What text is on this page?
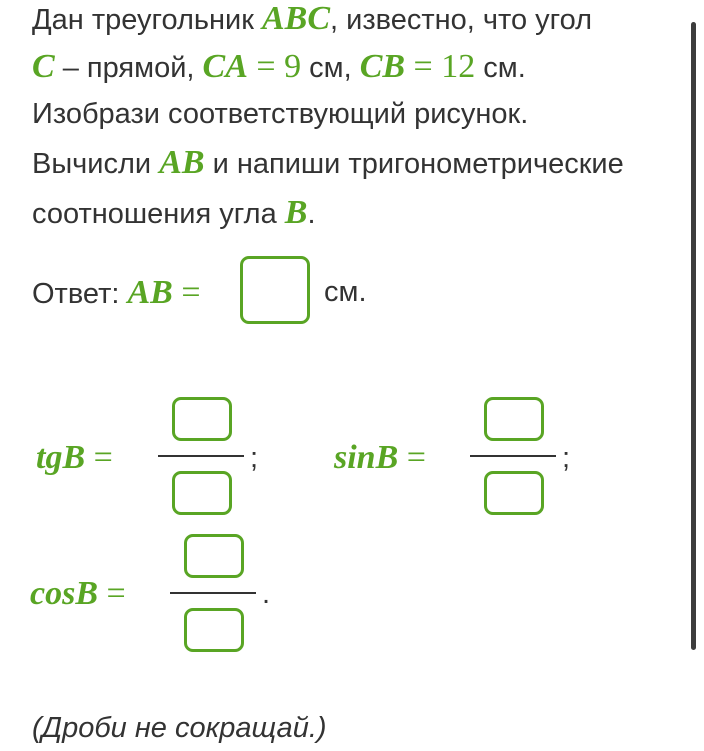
Дан треугольник ABC, известно, что угол
C – прямой, CA = 9 см, CB = 12 см.
Изобрази соответствующий рисунок.
Вычисли AB и напиши тригонометрические
соотношения угла B.
Ответ: AB =	см.
tgB =	; sinB =	;
cosB =	.
(Дроби не сокращай.)
